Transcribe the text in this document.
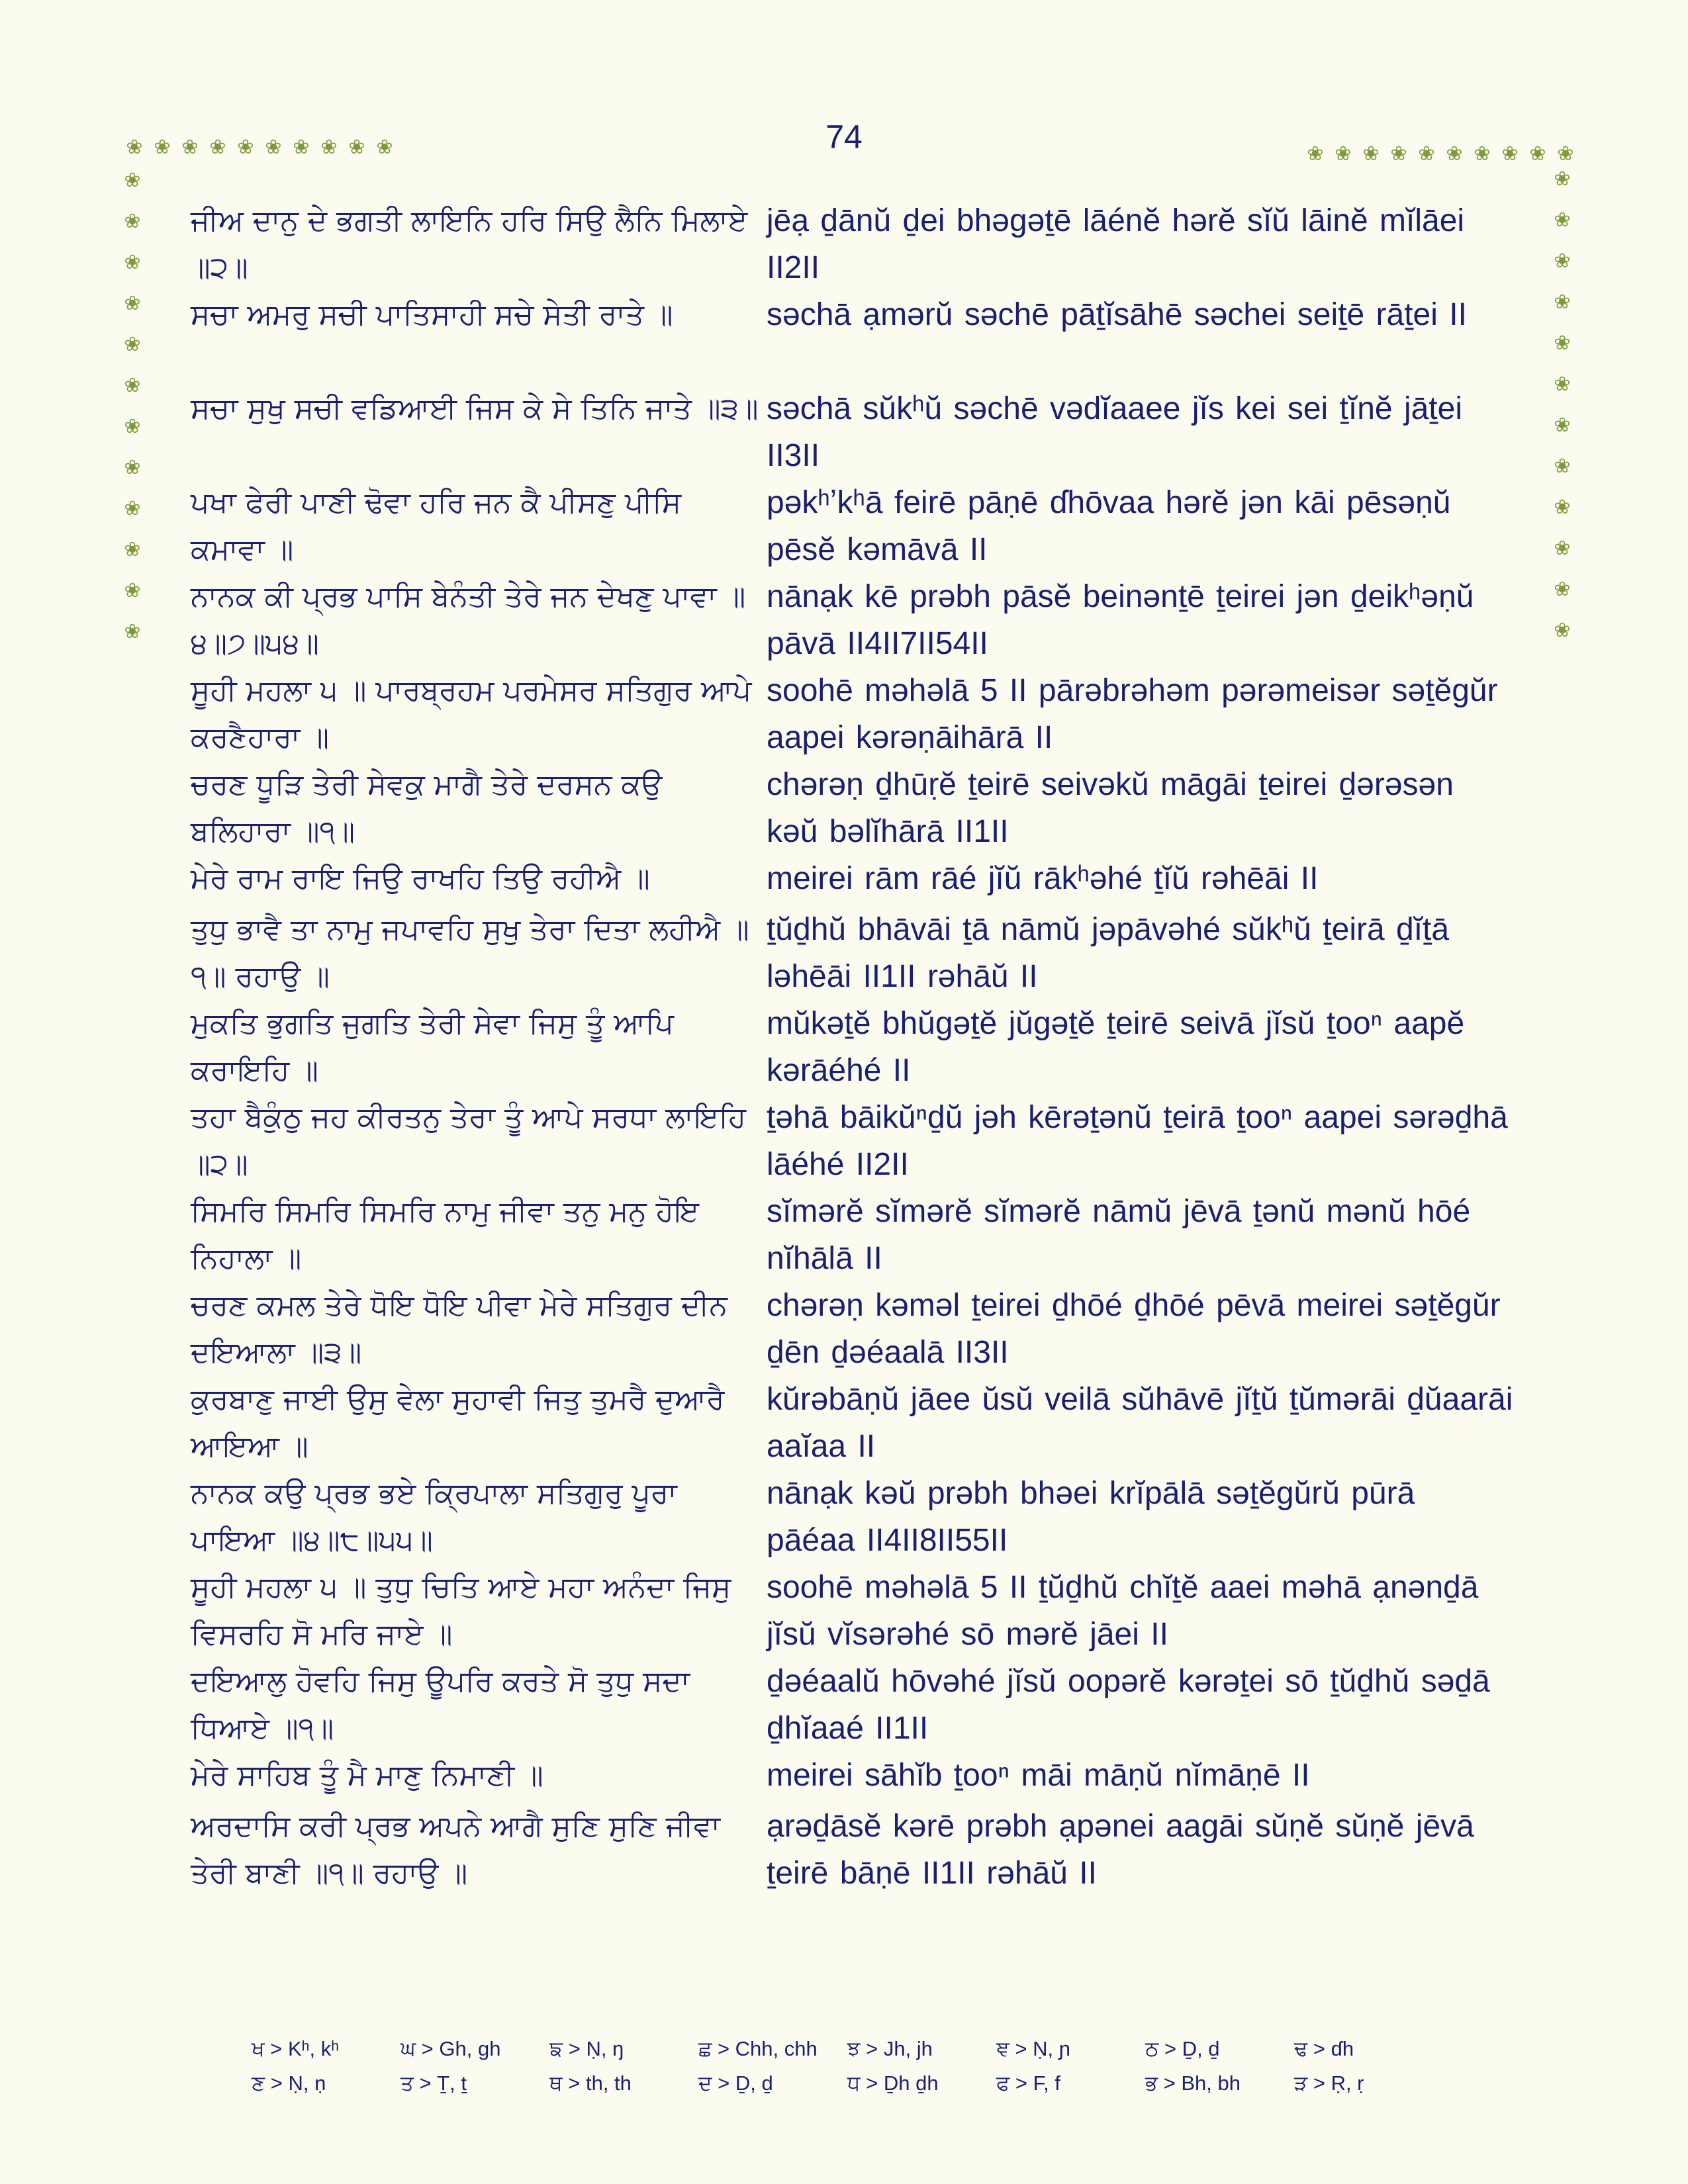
74
❀ ❀ ❀ ❀ ❀ ❀ ❀ ❀ ❀ ❀	❀ ❀ ❀ ❀ ❀ ❀ ❀ ❀ ❀ ❀
❀
❀
❀
❀
❀
❀
❀
❀
❀
❀
❀
❀
❀
❀
❀
❀
❀
❀
❀
❀
❀
❀
❀
❀
ਜੀਅ ਦਾਨੁ ਦੇ ਭਗਤੀ ਲਾਇਨਿ ਹਰਿ ਸਿਉ ਲੈਨਿ ਮਿਲਾਏ ॥੨॥
jēạ ḏānŭ ḏei bhəgəṯē lāénĕ hərĕ sĭŭ lāinĕ mĭlāei II2II
ਸਚਾ ਅਮਰੁ ਸਚੀ ਪਾਤਿਸਾਹੀ ਸਚੇ ਸੇਤੀ ਰਾਤੇ ॥	səchā ạmərŭ səchē pāṯĭsāhē səchei seiṯē rāṯei II
ਸਚਾ ਸੁਖੁ ਸਚੀ ਵਡਿਆਈ ਜਿਸ ਕੇ ਸੇ ਤਿਨਿ ਜਾਤੇ ॥੩॥ səchā sŭkʰŭ səchē vədĭaaee jĭs kei sei ṯĭnĕ jāṯei II3II
ਪਖਾ ਫੇਰੀ ਪਾਣੀ ਢੋਵਾ ਹਰਿ ਜਨ ਕੈ ਪੀਸਣੁ ਪੀਸਿ ਕਮਾਵਾ ॥
pəkʰʼkʰā feirē pāṇē ɗhōvaa hərĕ jən kāi pēsəṇŭ pēsĕ kəmāvā II
ਨਾਨਕ ਕੀ ਪ੍ਰਭ ਪਾਸਿ ਬੇਨੰਤੀ ਤੇਰੇ ਜਨ ਦੇਖਣੁ ਪਾਵਾ ॥੪॥੭॥੫੪॥
nānạk kē prəbh pāsĕ beinənṯē ṯeirei jən ḏeikʰəṇŭ pāvā II4II7II54II
ਸੂਹੀ ਮਹਲਾ ੫ ॥ ਪਾਰਬ੍ਰਹਮ ਪਰਮੇਸਰ ਸਤਿਗੁਰ ਆਪੇ ਕਰਣੈਹਾਰਾ ॥
soohē məhəlā 5 II pārəbrəhəm pərəmeisər səṯĕgŭr aapei kərəṇāihārā II
ਚਰਣ ਧੂੜਿ ਤੇਰੀ ਸੇਵਕੁ ਮਾਗੈ ਤੇਰੇ ਦਰਸਨ ਕਉ ਬਲਿਹਾਰਾ ॥੧॥
chərəṇ ḏhūṛĕ ṯeirē seivəkŭ māgāi ṯeirei ḏərəsən kəŭ bəlĭhārā II1II
ਮੇਰੇ ਰਾਮ ਰਾਇ ਜਿਉ ਰਾਖਹਿ ਤਿਉ ਰਹੀਐ ॥	meirei rām rāé jĭŭ rākʰəhé ṯĭŭ rəhēāi II
ਤੁਧੁ ਭਾਵੈ ਤਾ ਨਾਮੁ ਜਪਾਵਹਿ ਸੁਖੁ ਤੇਰਾ ਦਿਤਾ ਲਹੀਐ ॥੧॥ ਰਹਾਉ ॥
ṯŭḏhŭ bhāvāi ṯā nāmŭ jəpāvəhé sŭkʰŭ ṯeirā ḏĭṯā ləhēāi II1II rəhāŭ II
ਮੁਕਤਿ ਭੁਗਤਿ ਜੁਗਤਿ ਤੇਰੀ ਸੇਵਾ ਜਿਸੁ ਤੂੰ ਆਪਿ ਕਰਾਇਹਿ ॥
mŭkəṯĕ bhŭgəṯĕ jŭgəṯĕ ṯeirē seivā jĭsŭ ṯooⁿ aapĕ kərāéhé II
ਤਹਾ ਬੈਕੁੰਠੁ ਜਹ ਕੀਰਤਨੁ ਤੇਰਾ ਤੂੰ ਆਪੇ ਸਰਧਾ ਲਾਇਹਿ ॥੨॥
ṯəhā bāikŭⁿḏŭ jəh kērəṯənŭ ṯeirā ṯooⁿ aapei sərəḏhā lāéhé II2II
ਸਿਮਰਿ ਸਿਮਰਿ ਸਿਮਰਿ ਨਾਮੁ ਜੀਵਾ ਤਨੁ ਮਨੁ ਹੋਇ ਨਿਹਾਲਾ ॥
sĭmərĕ sĭmərĕ sĭmərĕ nāmŭ jēvā ṯənŭ mənŭ hōé nĭhālā II
ਚਰਣ ਕਮਲ ਤੇਰੇ ਧੋਇ ਧੋਇ ਪੀਵਾ ਮੇਰੇ ਸਤਿਗੁਰ ਦੀਨ ਦਇਆਲਾ ॥੩॥
chərəṇ kəməl ṯeirei ḏhōé ḏhōé pēvā meirei səṯĕgŭr ḏēn ḏəéaalā II3II
ਕੁਰਬਾਣੁ ਜਾਈ ਉਸੁ ਵੇਲਾ ਸੁਹਾਵੀ ਜਿਤੁ ਤੁਮਰੈ ਦੁਆਰੈ ਆਇਆ ॥
kŭrəbāṇŭ jāee ŭsŭ veilā sŭhāvē jĭṯŭ ṯŭmərāi ḏŭaarāi aaĭaa II
ਨਾਨਕ ਕਉ ਪ੍ਰਭ ਭਏ ਕ੍ਰਿਪਾਲਾ ਸਤਿਗੁਰੁ ਪੂਰਾ ਪਾਇਆ ॥੪॥੮॥੫੫॥
nānạk kəŭ prəbh bhəei krĭpālā səṯĕgŭrŭ pūrā pāéaa II4II8II55II
ਸੂਹੀ ਮਹਲਾ ੫ ॥ ਤੁਧੁ ਚਿਤਿ ਆਏ ਮਹਾ ਅਨੰਦਾ ਜਿਸੁ ਵਿਸਰਹਿ ਸੋ ਮਰਿ ਜਾਏ ॥
soohē məhəlā 5 II ṯŭḏhŭ chĭṯĕ aaei məhā ạnənḏā jĭsŭ vĭsərəhé sō mərĕ jāei II
ਦਇਆਲੁ ਹੋਵਹਿ ਜਿਸੁ ਊਪਰਿ ਕਰਤੇ ਸੋ ਤੁਧੁ ਸਦਾ ਧਿਆਏ ॥੧॥
ḏəéaalŭ hōvəhé jĭsŭ oopərĕ kərəṯei sō ṯŭḏhŭ səḏā ḏhĭaaé II1II
ਮੇਰੇ ਸਾਹਿਬ ਤੂੰ ਮੈ ਮਾਣੁ ਨਿਮਾਣੀ ॥	meirei sāhĭb ṯooⁿ māi māṇŭ nĭmāṇē II
ਅਰਦਾਸਿ ਕਰੀ ਪ੍ਰਭ ਅਪਨੇ ਆਗੈ ਸੁਣਿ ਸੁਣਿ ਜੀਵਾ ਤੇਰੀ ਬਾਣੀ ॥੧॥ ਰਹਾਉ ॥
ạrəḏāsĕ kərē prəbh ạpənei aagāi sŭṇĕ sŭṇĕ jēvā ṯeirē bāṇē II1II rəhāŭ II
ਖ > Kʰ, kʰ	ਘ > Gh, gh	ਙ > Ṇ, ŋ	ਛ > Chh, chh	ਝ > Jh, jh	ਞ > Ṇ, ɲ	ਠ > Ḏ, ḏ	ਢ > ɗh
ਣ > Ṇ, ṇ	ਤ > Ṯ, ṯ	ਥ > th, th	ਦ > Ḏ, ḏ	ਧ > Ḏh ḏh	ਫ > F, f	ਭ > Bh, bh	ੜ > Ṛ, ṛ
